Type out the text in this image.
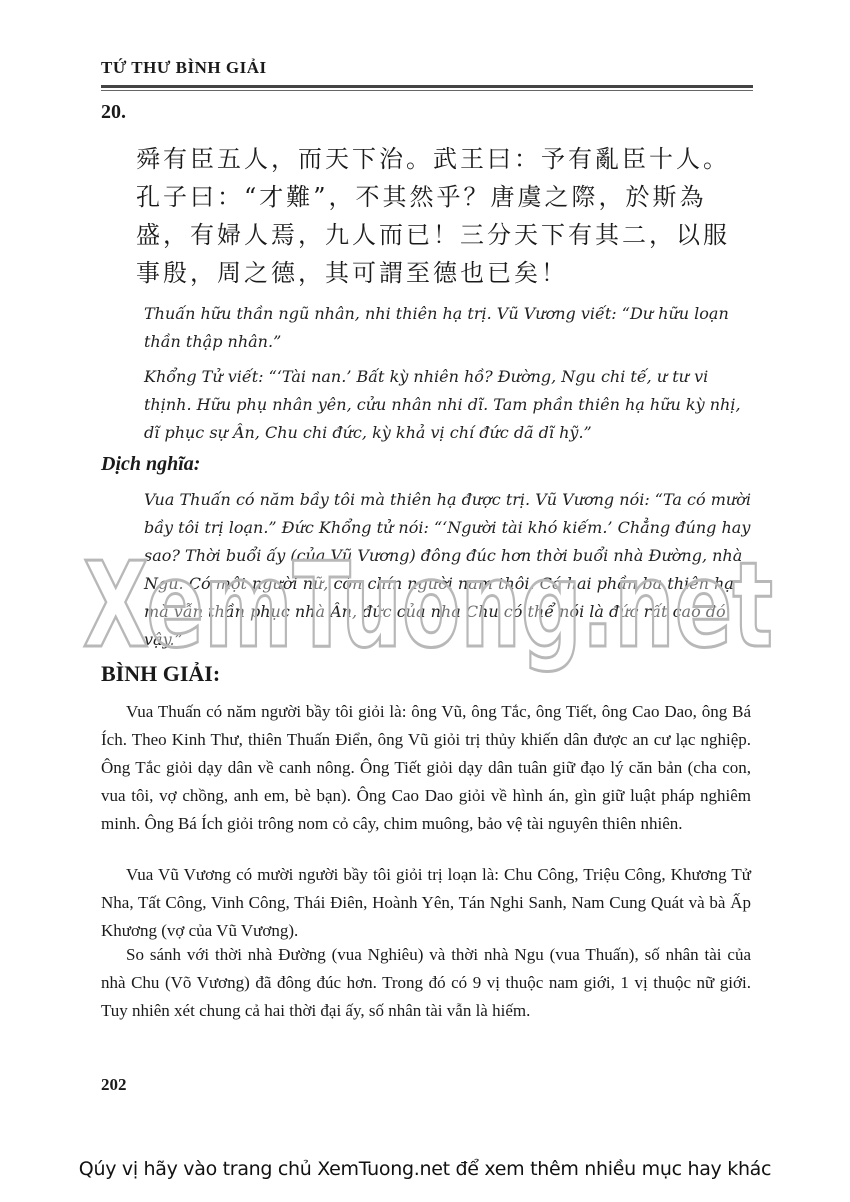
TỨ THƯ BÌNH GIẢI
20.

舜有臣五人，而天下治。武王曰：予有亂臣十人。

孔子曰：“才難”，不其然乎？唐虞之際，於斯為

盛，有婦人焉，九人而已！三分天下有其二，以服

事殷，周之德，其可謂至德也已矣！

Thuấn hữu thần ngũ nhân, nhi thiên hạ trị. Vũ Vương viết: “Dư hữu loạn thần thập nhân.”

Khổng Tử viết: “‘Tài nan.’ Bất kỳ nhiên hồ? Đường, Ngu chi tế, ư tư vi thịnh. Hữu phụ nhân yên, cửu nhân nhi dĩ. Tam phần thiên hạ hữu kỳ nhị, dĩ phục sự Ân, Chu chi đức, kỳ khả vị chí đức dã dĩ hỹ.”

Dịch nghĩa:

Vua Thuấn có năm bầy tôi mà thiên hạ được trị. Vũ Vương nói: “Ta có mười bầy tôi trị loạn.” Đức Khổng tử nói: “‘Người tài khó kiếm.’ Chẳng đúng hay sao? Thời buổi ấy (của Vũ Vương) đông đúc hơn thời buổi nhà Đường, nhà Ngu. Có một người nữ, còn chín người nam thôi. Có hai phần ba thiên hạ mà vẫn thần phục nhà Ân, đức của nhà Chu có thể nói là đức rất cao đó vậy.”

BÌNH GIẢI:

Vua Thuấn có năm người bầy tôi giỏi là: ông Vũ, ông Tắc, ông Tiết, ông Cao Dao, ông Bá Ích. Theo Kinh Thư, thiên Thuấn Điển, ông Vũ giỏi trị thủy khiến dân được an cư lạc nghiệp. Ông Tắc giỏi dạy dân về canh nông. Ông Tiết giỏi dạy dân tuân giữ đạo lý căn bản (cha con, vua tôi, vợ chồng, anh em, bè bạn). Ông Cao Dao giỏi về hình án, gìn giữ luật pháp nghiêm minh. Ông Bá Ích giỏi trông nom cỏ cây, chim muông, bảo vệ tài nguyên thiên nhiên.

Vua Vũ Vương có mười người bầy tôi giỏi trị loạn là: Chu Công, Triệu Công, Khương Tử Nha, Tất Công, Vinh Công, Thái Điên, Hoành Yên, Tán Nghi Sanh, Nam Cung Quát và bà Ấp Khương (vợ của Vũ Vương).

So sánh với thời nhà Đường (vua Nghiêu) và thời nhà Ngu (vua Thuấn), số nhân tài của nhà Chu (Võ Vương) đã đông đúc hơn. Trong đó có 9 vị thuộc nam giới, 1 vị thuộc nữ giới. Tuy nhiên xét chung cả hai thời đại ấy, số nhân tài vẫn là hiếm.

202
XemTuong.net
Qúy vị hãy vào trang chủ XemTuong.net để xem thêm nhiều mục hay khác
